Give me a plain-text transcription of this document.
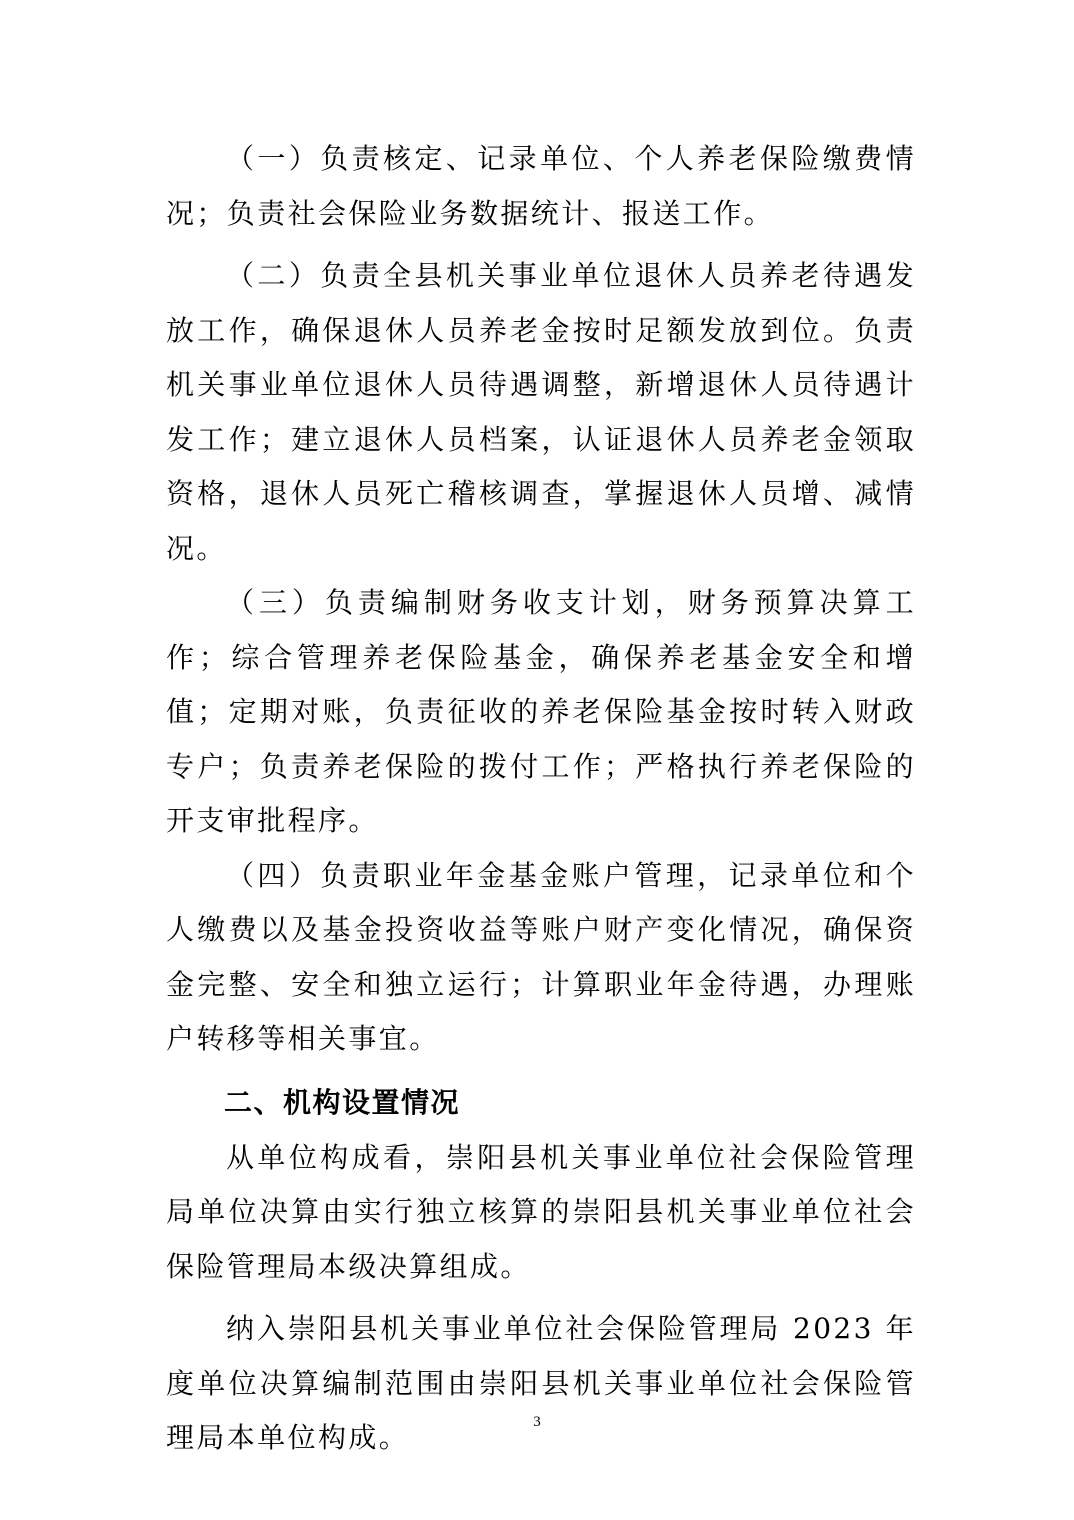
（一）负责核定、记录单位、个人养老保险缴费情况；负责社会保险业务数据统计、报送工作。

（二）负责全县机关事业单位退休人员养老待遇发放工作，确保退休人员养老金按时足额发放到位。负责机关事业单位退休人员待遇调整，新增退休人员待遇计发工作；建立退休人员档案，认证退休人员养老金领取资格，退休人员死亡稽核调查，掌握退休人员增、减情况。

（三）负责编制财务收支计划，财务预算决算工作；综合管理养老保险基金，确保养老基金安全和增值；定期对账，负责征收的养老保险基金按时转入财政专户；负责养老保险的拨付工作；严格执行养老保险的开支审批程序。

（四）负责职业年金基金账户管理，记录单位和个人缴费以及基金投资收益等账户财产变化情况，确保资金完整、安全和独立运行；计算职业年金待遇，办理账户转移等相关事宜。

二、机构设置情况

从单位构成看，崇阳县机关事业单位社会保险管理局单位决算由实行独立核算的崇阳县机关事业单位社会保险管理局本级决算组成。

纳入崇阳县机关事业单位社会保险管理局 2023 年度单位决算编制范围由崇阳县机关事业单位社会保险管理局本单位构成。	3
